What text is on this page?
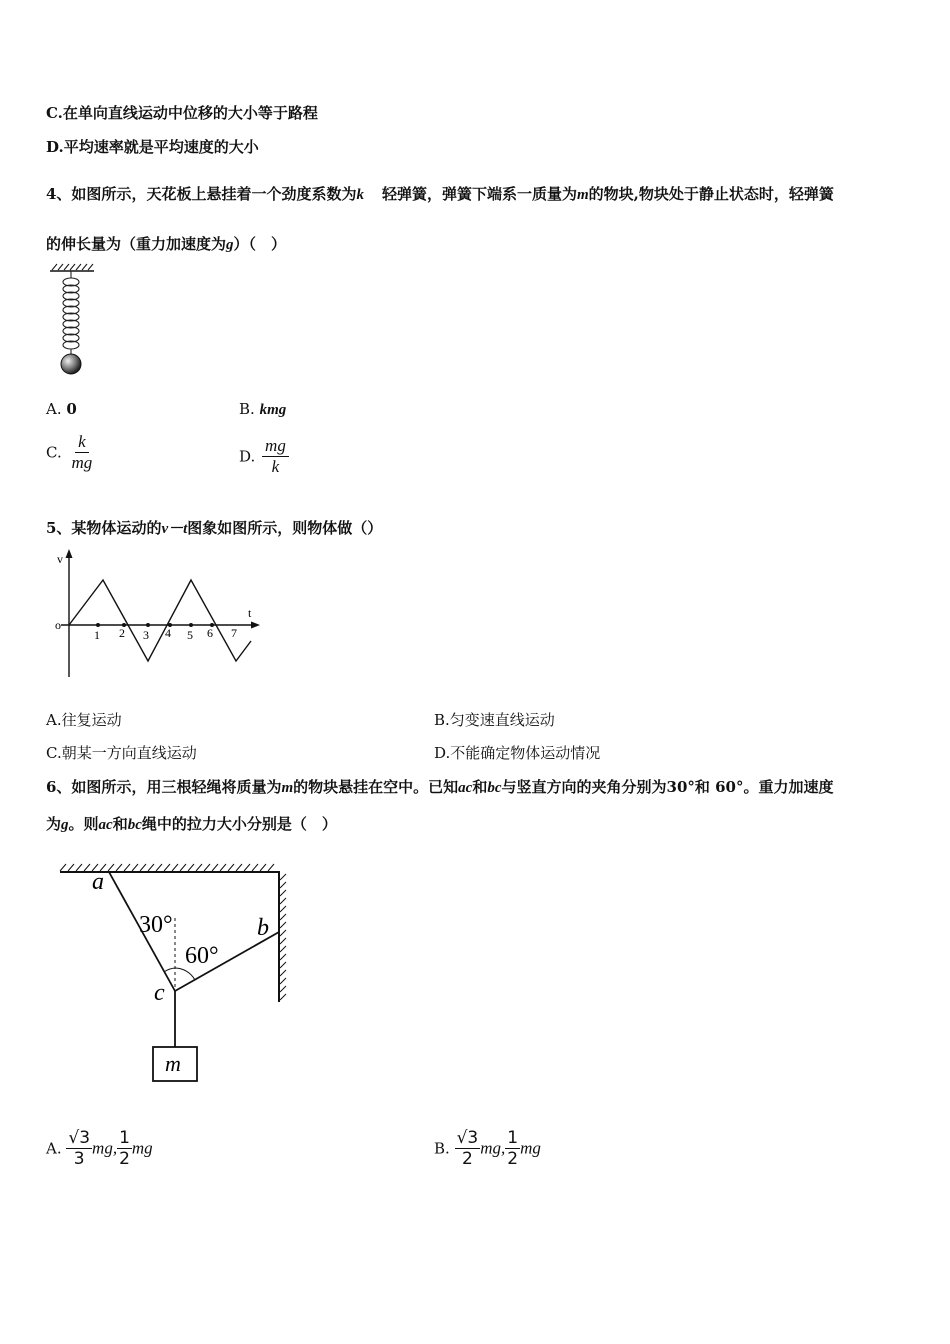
C.在单向直线运动中位移的大小等于路程
D.平均速率就是平均速度的大小
4、如图所示，天花板上悬挂着一个劲度系数为k 轻弹簧，弹簧下端系一质量为m的物块,物块处于静止状态时，轻弹簧
的伸长量为（重力加速度为g）（　）
A. 0	B. kmg
C. $\frac{k}{mg}$	D. $\frac{mg}{k}$
5、某物体运动的v－t图象如图所示，则物体做（）
v
t
o
1 2 3 4 5 6 7
A.往复运动	B.匀变速直线运动
C.朝某一方向直线运动	D.不能确定物体运动情况
6、如图所示，用三根轻绳将质量为m的物块悬挂在空中。已知ac和bc与竖直方向的夹角分别为30°和 60°。重力加速度
为g。则ac和bc绳中的拉力大小分别是（　）
a
b
c
30°
60°
m
A. $\frac{√3}{3}$ mg, $\frac{1}{2}$ mg	B. $\frac{√3}{2}$ mg, $\frac{1}{2}$ mg
